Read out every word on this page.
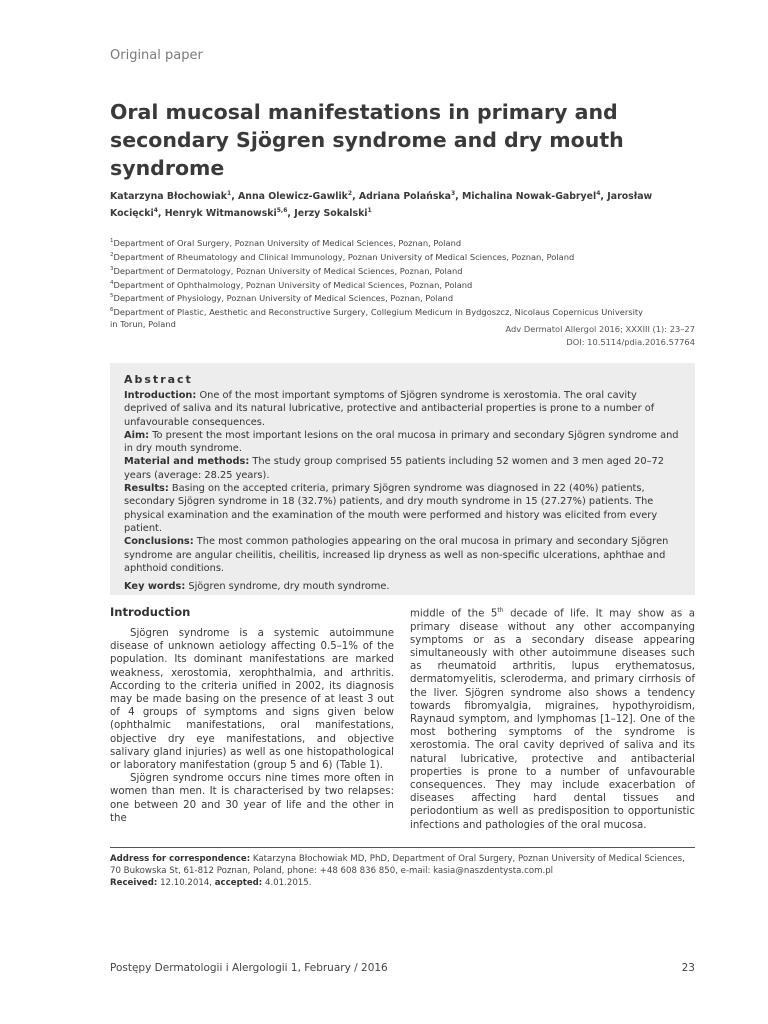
Original paper
Oral mucosal manifestations in primary and secondary Sjögren syndrome and dry mouth syndrome
Katarzyna Błochowiak$^1$, Anna Olewicz-Gawlik$^2$, Adriana Polańska$^3$, Michalina Nowak-Gabryel$^4$, Jarosław Kocięcki$^4$, Henryk Witmanowski$^{5,6}$, Jerzy Sokalski$^1$
$^1$Department of Oral Surgery, Poznan University of Medical Sciences, Poznan, Poland
$^2$Department of Rheumatology and Clinical Immunology, Poznan University of Medical Sciences, Poznan, Poland
$^3$Department of Dermatology, Poznan University of Medical Sciences, Poznan, Poland
$^4$Department of Ophthalmology, Poznan University of Medical Sciences, Poznan, Poland
$^5$Department of Physiology, Poznan University of Medical Sciences, Poznan, Poland
$^6$Department of Plastic, Aesthetic and Reconstructive Surgery, Collegium Medicum in Bydgoszcz, Nicolaus Copernicus University
in Torun, Poland	Adv Dermatol Allergol 2016; XXXIII (1): 23–27
DOI: 10.5114/pdia.2016.57764
Abstract

Introduction: One of the most important symptoms of Sjögren syndrome is xerostomia. The oral cavity deprived of saliva and its natural lubricative, protective and antibacterial properties is prone to a number of unfavourable consequences.

Aim: To present the most important lesions on the oral mucosa in primary and secondary Sjögren syndrome and in dry mouth syndrome.

Material and methods: The study group comprised 55 patients including 52 women and 3 men aged 20–72 years (average: 28.25 years).

Results: Basing on the accepted criteria, primary Sjögren syndrome was diagnosed in 22 (40%) patients, secondary Sjögren syndrome in 18 (32.7%) patients, and dry mouth syndrome in 15 (27.27%) patients. The physical examination and the examination of the mouth were performed and history was elicited from every patient.

Conclusions: The most common pathologies appearing on the oral mucosa in primary and secondary Sjögren syndrome are angular cheilitis, cheilitis, increased lip dryness as well as non-specific ulcerations, aphthae and aphthoid conditions.

Key words: Sjögren syndrome, dry mouth syndrome.

Introduction

Sjögren syndrome is a systemic autoimmune disease of unknown aetiology affecting 0.5–1% of the population. Its dominant manifestations are marked weakness, xerostomia, xerophthalmia, and arthritis. According to the criteria unified in 2002, its diagnosis may be made basing on the presence of at least 3 out of 4 groups of symptoms and signs given below (ophthalmic manifestations, oral manifestations, objective dry eye manifestations, and objective salivary gland injuries) as well as one histopathological or laboratory manifestation (group 5 and 6) (Table 1).

Sjögren syndrome occurs nine times more often in women than men. It is characterised by two relapses: one between 20 and 30 year of life and the other in the

middle of the 5th decade of life. It may show as a primary disease without any other accompanying symptoms or as a secondary disease appearing simultaneously with other autoimmune diseases such as rheumatoid arthritis, lupus erythematosus, dermatomyelitis, scleroderma, and primary cirrhosis of the liver. Sjögren syndrome also shows a tendency towards fibromyalgia, migraines, hypothyroidism, Raynaud symptom, and lymphomas [1–12]. One of the most bothering symptoms of the syndrome is xerostomia. The oral cavity deprived of saliva and its natural lubricative, protective and antibacterial properties is prone to a number of unfavourable consequences. They may include exacerbation of diseases affecting hard dental tissues and periodontium as well as predisposition to opportunistic infections and pathologies of the oral mucosa.

Address for correspondence: Katarzyna Błochowiak MD, PhD, Department of Oral Surgery, Poznan University of Medical Sciences,
70 Bukowska St, 61-812 Poznan, Poland, phone: +48 608 836 850, e-mail: kasia@naszdentysta.com.pl
Received: 12.10.2014, accepted: 4.01.2015.
Postępy Dermatologii i Alergologii 1, February / 2016	23
